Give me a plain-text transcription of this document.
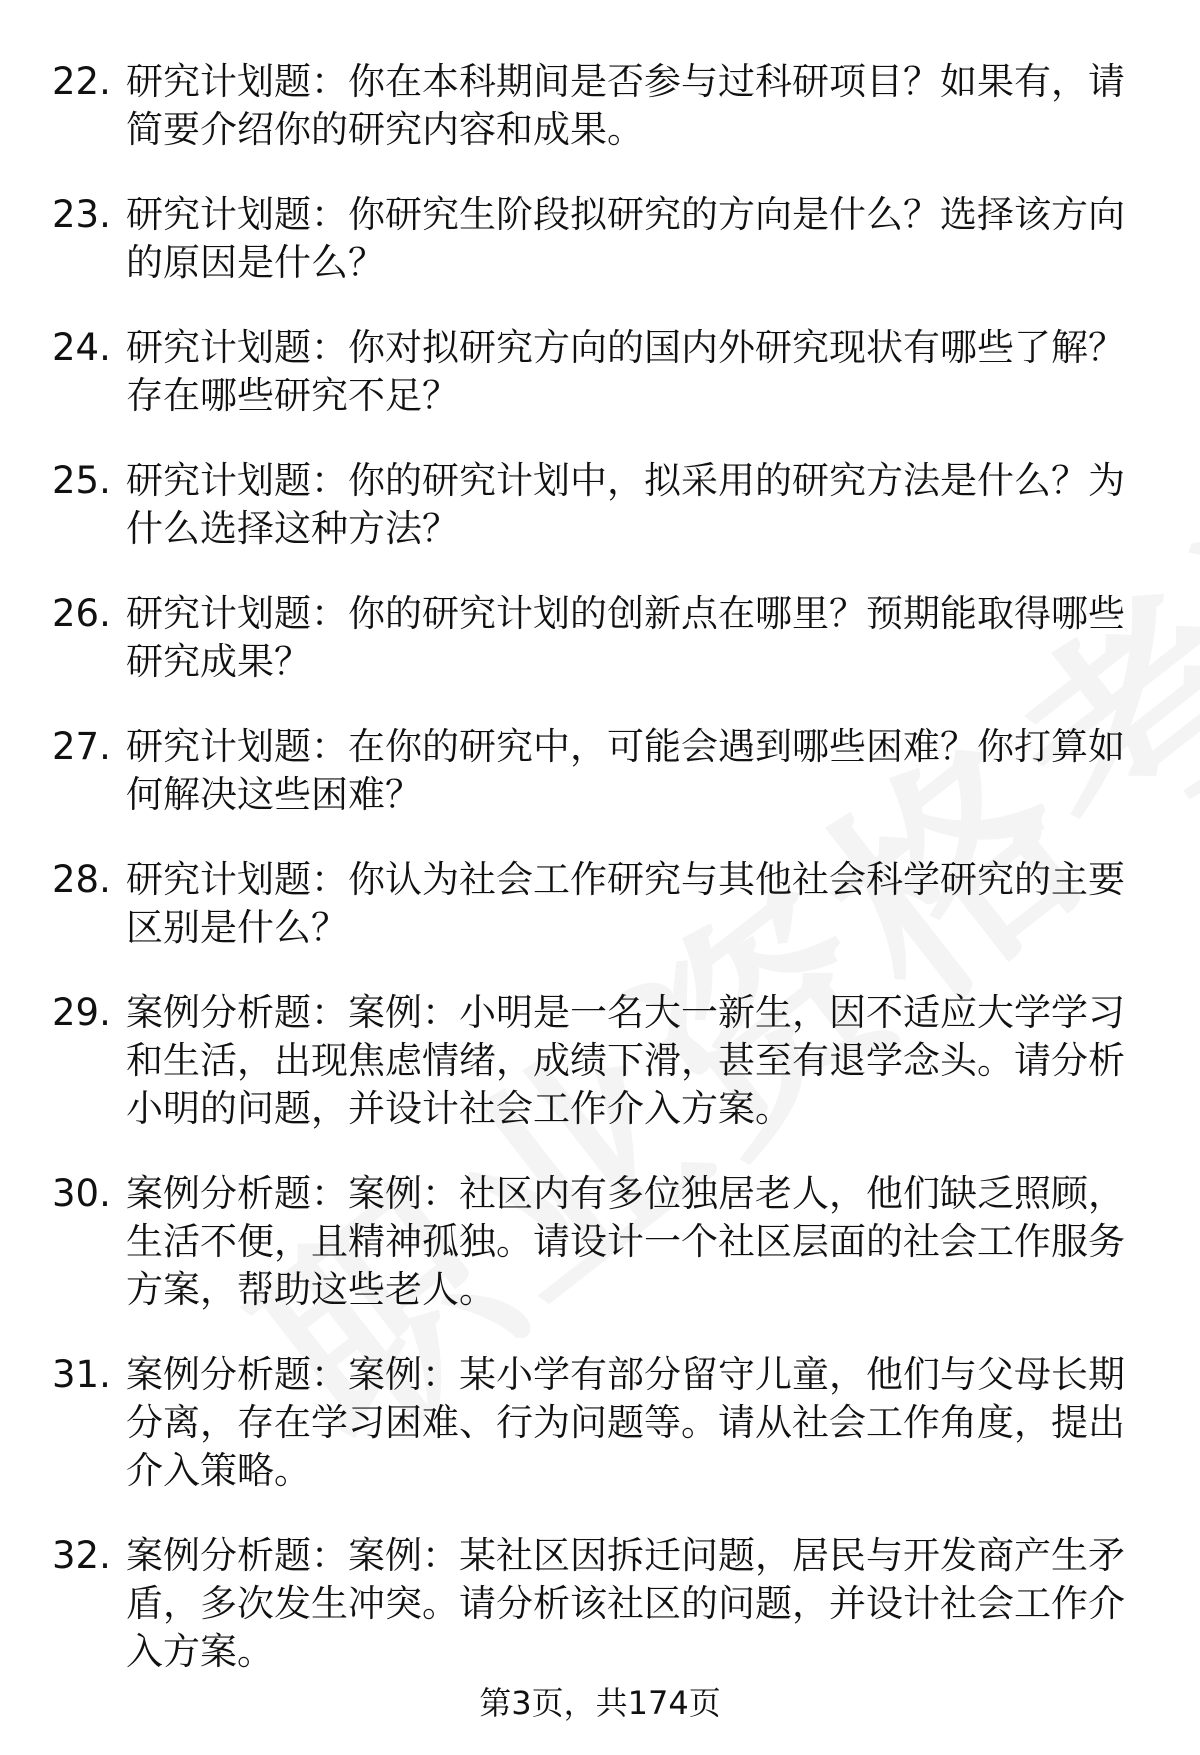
22. 研究计划题：你在本科期间是否参与过科研项目？如果有，请简要介绍你的研究内容和成果。
23. 研究计划题：你研究生阶段拟研究的方向是什么？选择该方向的原因是什么？
24. 研究计划题：你对拟研究方向的国内外研究现状有哪些了解？存在哪些研究不足？
25. 研究计划题：你的研究计划中，拟采用的研究方法是什么？为什么选择这种方法？
26. 研究计划题：你的研究计划的创新点在哪里？预期能取得哪些研究成果？
27. 研究计划题：在你的研究中，可能会遇到哪些困难？你打算如何解决这些困难？
28. 研究计划题：你认为社会工作研究与其他社会科学研究的主要区别是什么？
29. 案例分析题：案例：小明是一名大一新生，因不适应大学学习和生活，出现焦虑情绪，成绩下滑，甚至有退学念头。请分析小明的问题，并设计社会工作介入方案。
30. 案例分析题：案例：社区内有多位独居老人，他们缺乏照顾，生活不便，且精神孤独。请设计一个社区层面的社会工作服务方案，帮助这些老人。
31. 案例分析题：案例：某小学有部分留守儿童，他们与父母长期分离，存在学习困难、行为问题等。请从社会工作角度，提出介入策略。
32. 案例分析题：案例：某社区因拆迁问题，居民与开发商产生矛盾，多次发生冲突。请分析该社区的问题，并设计社会工作介入方案。
第3页，共174页
